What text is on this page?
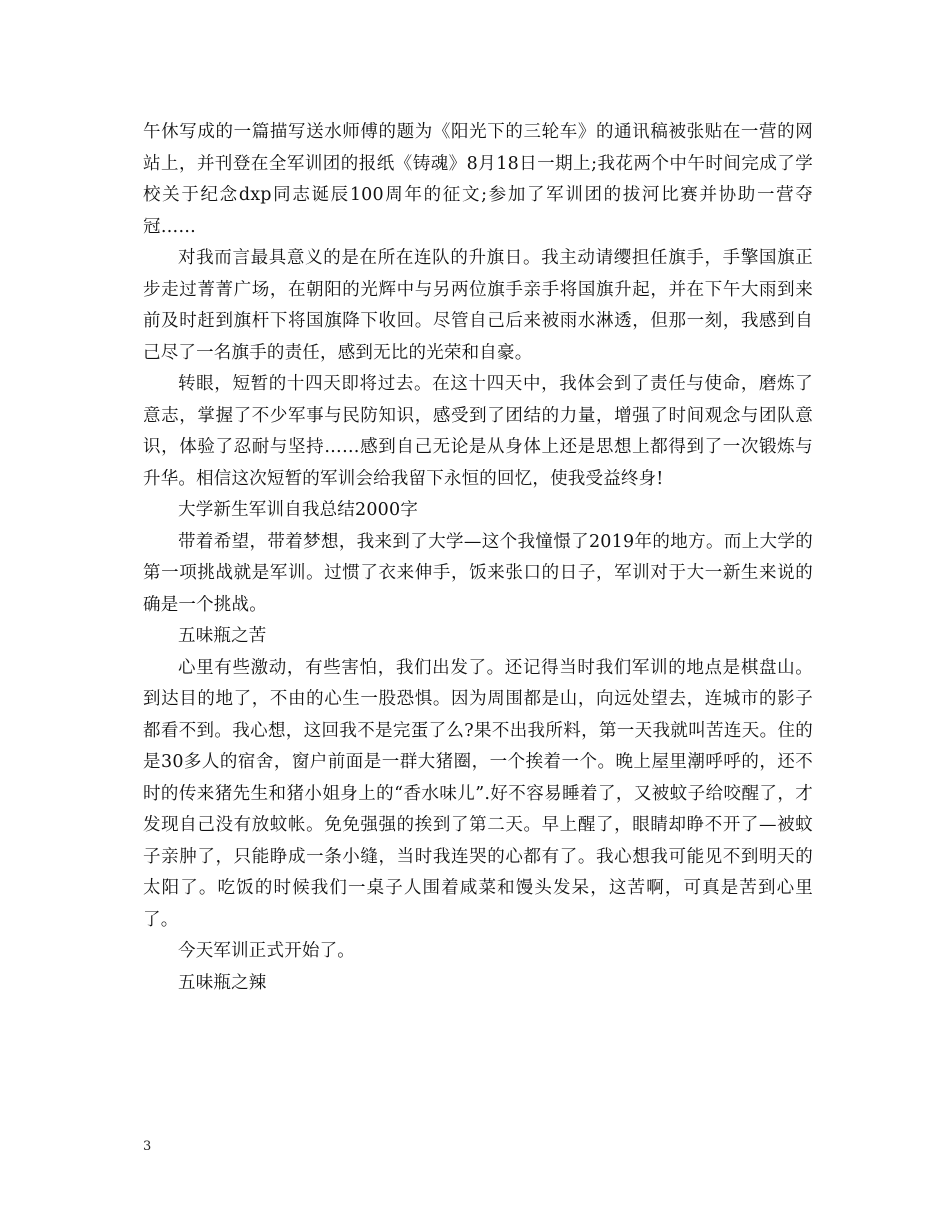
午休写成的一篇描写送水师傅的题为《阳光下的三轮车》的通讯稿被张贴在一营的网站上，并刊登在全军训团的报纸《铸魂》8月18日一期上;我花两个中午时间完成了学校关于纪念dxp同志诞辰100周年的征文;参加了军训团的拔河比赛并协助一营夺冠……

对我而言最具意义的是在所在连队的升旗日。我主动请缨担任旗手，手擎国旗正步走过菁菁广场，在朝阳的光辉中与另两位旗手亲手将国旗升起，并在下午大雨到来前及时赶到旗杆下将国旗降下收回。尽管自己后来被雨水淋透，但那一刻，我感到自己尽了一名旗手的责任，感到无比的光荣和自豪。

转眼，短暂的十四天即将过去。在这十四天中，我体会到了责任与使命，磨炼了意志，掌握了不少军事与民防知识，感受到了团结的力量，增强了时间观念与团队意识，体验了忍耐与坚持……感到自己无论是从身体上还是思想上都得到了一次锻炼与升华。相信这次短暂的军训会给我留下永恒的回忆，使我受益终身!

大学新生军训自我总结2000字

带着希望，带着梦想，我来到了大学—这个我憧憬了2019年的地方。而上大学的第一项挑战就是军训。过惯了衣来伸手，饭来张口的日子，军训对于大一新生来说的确是一个挑战。

五味瓶之苦

心里有些激动，有些害怕，我们出发了。还记得当时我们军训的地点是棋盘山。到达目的地了，不由的心生一股恐惧。因为周围都是山，向远处望去，连城市的影子都看不到。我心想，这回我不是完蛋了么?果不出我所料，第一天我就叫苦连天。住的是30多人的宿舍，窗户前面是一群大猪圈，一个挨着一个。晚上屋里潮呼呼的，还不时的传来猪先生和猪小姐身上的“香水味儿”.好不容易睡着了，又被蚊子给咬醒了，才发现自己没有放蚊帐。免免强强的挨到了第二天。早上醒了，眼睛却睁不开了—被蚊子亲肿了，只能睁成一条小缝，当时我连哭的心都有了。我心想我可能见不到明天的太阳了。吃饭的时候我们一桌子人围着咸菜和馒头发呆，这苦啊，可真是苦到心里了。

今天军训正式开始了。

五味瓶之辣

3
